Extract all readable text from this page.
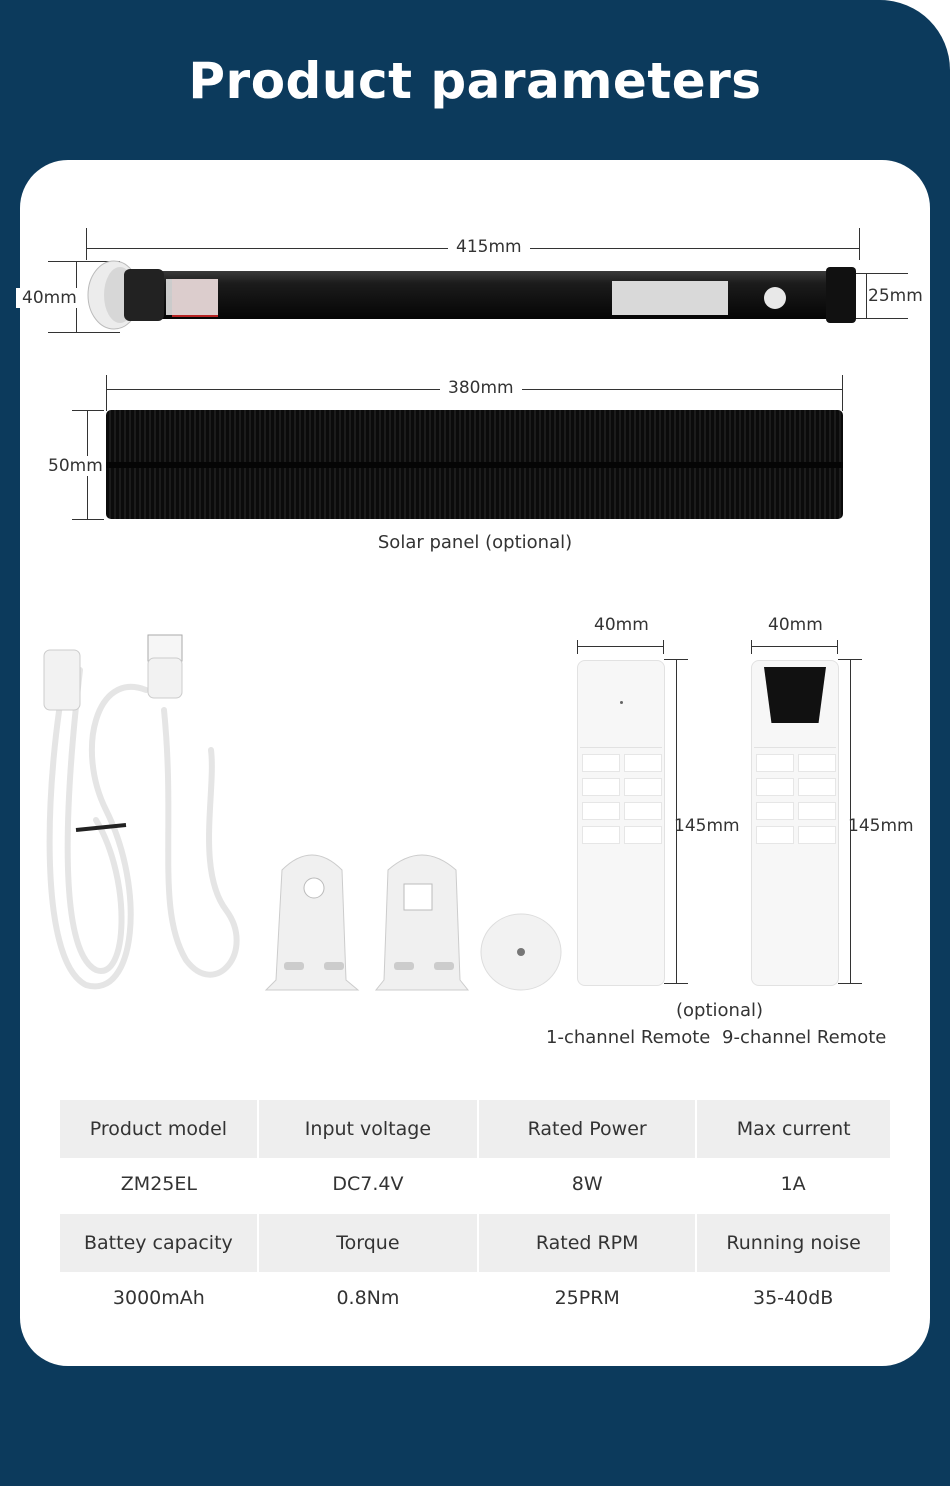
Product parameters
415mm
40mm	25mm
380mm
50mm
Solar panel (optional)
40mm
145mm
40mm
145mm
(optional)
1-channel Remote 9-channel Remote
Product model	Input voltage	Rated Power	Max current
ZM25EL	DC7.4V	8W	1A

Battey capacity	Torque	Rated RPM	Running noise
3000mAh	0.8Nm	25PRM	35-40dB
